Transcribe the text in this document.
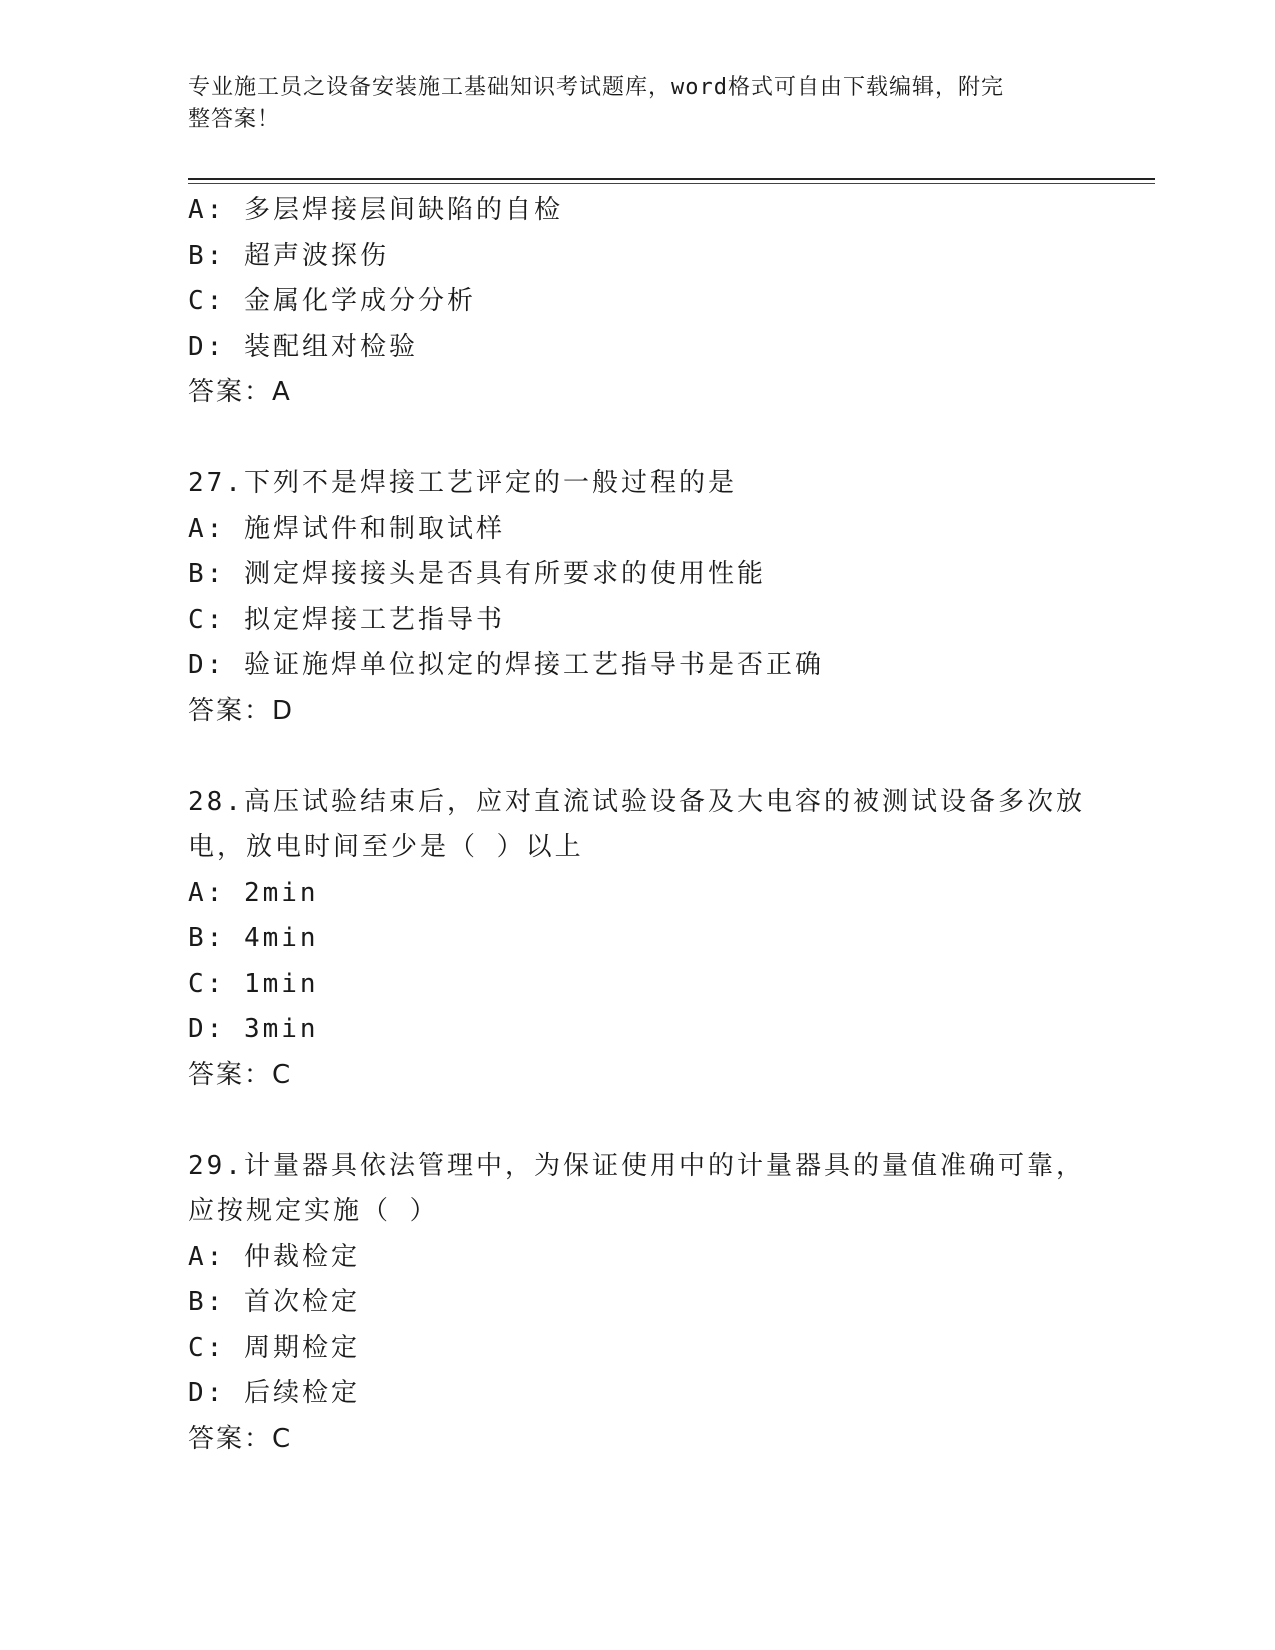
专业施工员之设备安装施工基础知识考试题库，word格式可自由下载编辑，附完
整答案！
A: 多层焊接层间缺陷的自检
B: 超声波探伤
C: 金属化学成分分析
D: 装配组对检验
答案：A
27.下列不是焊接工艺评定的一般过程的是
A: 施焊试件和制取试样
B: 测定焊接接头是否具有所要求的使用性能
C: 拟定焊接工艺指导书
D: 验证施焊单位拟定的焊接工艺指导书是否正确
答案：D
28.高压试验结束后，应对直流试验设备及大电容的被测试设备多次放
电，放电时间至少是（ ）以上
A: 2min
B: 4min
C: 1min
D: 3min
答案：C
29.计量器具依法管理中，为保证使用中的计量器具的量值准确可靠，
应按规定实施（ ）
A: 仲裁检定
B: 首次检定
C: 周期检定
D: 后续检定
答案：C
